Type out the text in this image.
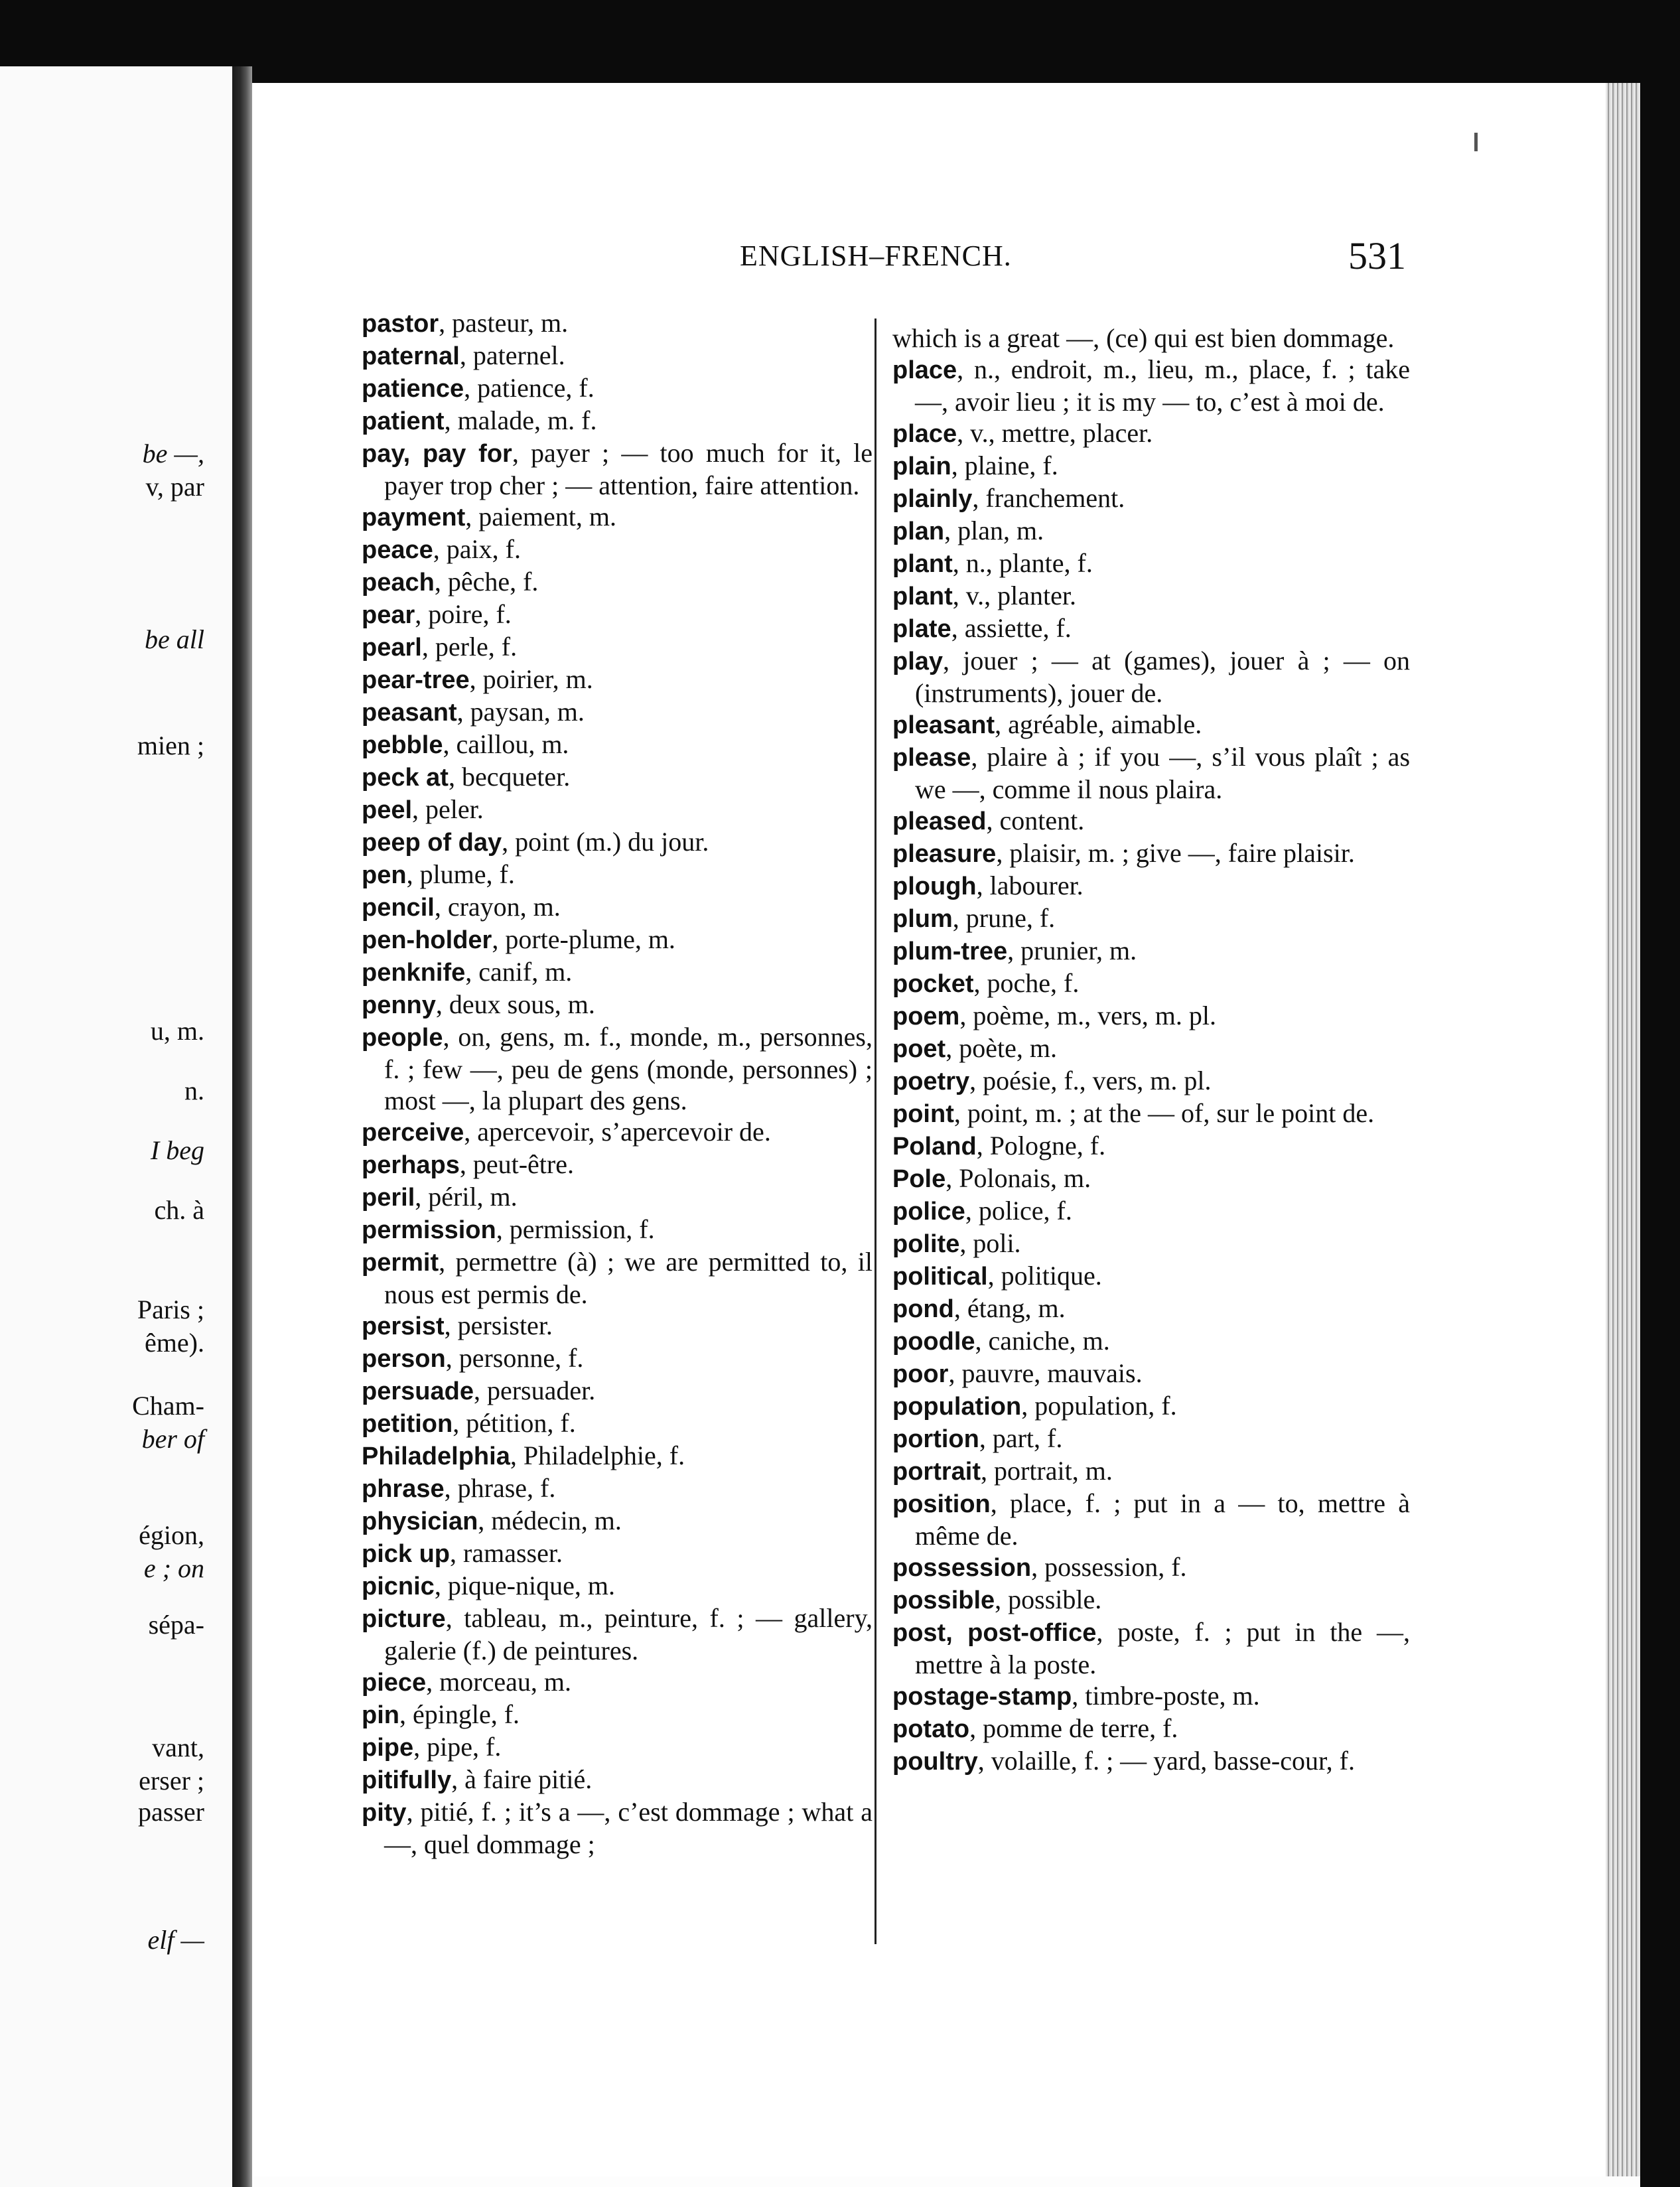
be —,
v, par
be all
mien ;
u, m.
n.
I beg
ch. à
Paris ;
ême).
Cham-
ber of
égion,
e ; on
sépa-
vant,
erser ;
passer
elf —
ENGLISH–FRENCH.	531

pastor, pasteur, m.

paternal, paternel.

patience, patience, f.

patient, malade, m. f.

pay, pay for, payer ; — too much for it, le payer trop cher ; — attention, faire attention.

payment, paiement, m.

peace, paix, f.

peach, pêche, f.

pear, poire, f.

pearl, perle, f.

pear-tree, poirier, m.

peasant, paysan, m.

pebble, caillou, m.

peck at, becqueter.

peel, peler.

peep of day, point (m.) du jour.

pen, plume, f.

pencil, crayon, m.

pen-holder, porte-plume, m.

penknife, canif, m.

penny, deux sous, m.

people, on, gens, m. f., monde, m., personnes, f. ; few —, peu de gens (monde, personnes) ; most —, la plupart des gens.

perceive, apercevoir, s’apercevoir de.

perhaps, peut-être.

peril, péril, m.

permission, permission, f.

permit, permettre (à) ; we are permitted to, il nous est permis de.

persist, persister.

person, personne, f.

persuade, persuader.

petition, pétition, f.

Philadelphia, Philadelphie, f.

phrase, phrase, f.

physician, médecin, m.

pick up, ramasser.

picnic, pique-nique, m.

picture, tableau, m., peinture, f. ; — gallery, galerie (f.) de peintures.

piece, morceau, m.

pin, épingle, f.

pipe, pipe, f.

pitifully, à faire pitié.

pity, pitié, f. ; it’s a —, c’est dommage ; what a —, quel dommage ;

which is a great —, (ce) qui est bien dommage.

place, n., endroit, m., lieu, m., place, f. ; take —, avoir lieu ; it is my — to, c’est à moi de.

place, v., mettre, placer.

plain, plaine, f.

plainly, franchement.

plan, plan, m.

plant, n., plante, f.

plant, v., planter.

plate, assiette, f.

play, jouer ; — at (games), jouer à ; — on (instruments), jouer de.

pleasant, agréable, aimable.

please, plaire à ; if you —, s’il vous plaît ; as we —, comme il nous plaira.

pleased, content.

pleasure, plaisir, m. ; give —, faire plaisir.

plough, labourer.

plum, prune, f.

plum-tree, prunier, m.

pocket, poche, f.

poem, poème, m., vers, m. pl.

poet, poète, m.

poetry, poésie, f., vers, m. pl.

point, point, m. ; at the — of, sur le point de.

Poland, Pologne, f.

Pole, Polonais, m.

police, police, f.

polite, poli.

political, politique.

pond, étang, m.

poodle, caniche, m.

poor, pauvre, mauvais.

population, population, f.

portion, part, f.

portrait, portrait, m.

position, place, f. ; put in a — to, mettre à même de.

possession, possession, f.

possible, possible.

post, post-office, poste, f. ; put in the —, mettre à la poste.

postage-stamp, timbre-poste, m.

potato, pomme de terre, f.

poultry, volaille, f. ; — yard, basse-cour, f.
